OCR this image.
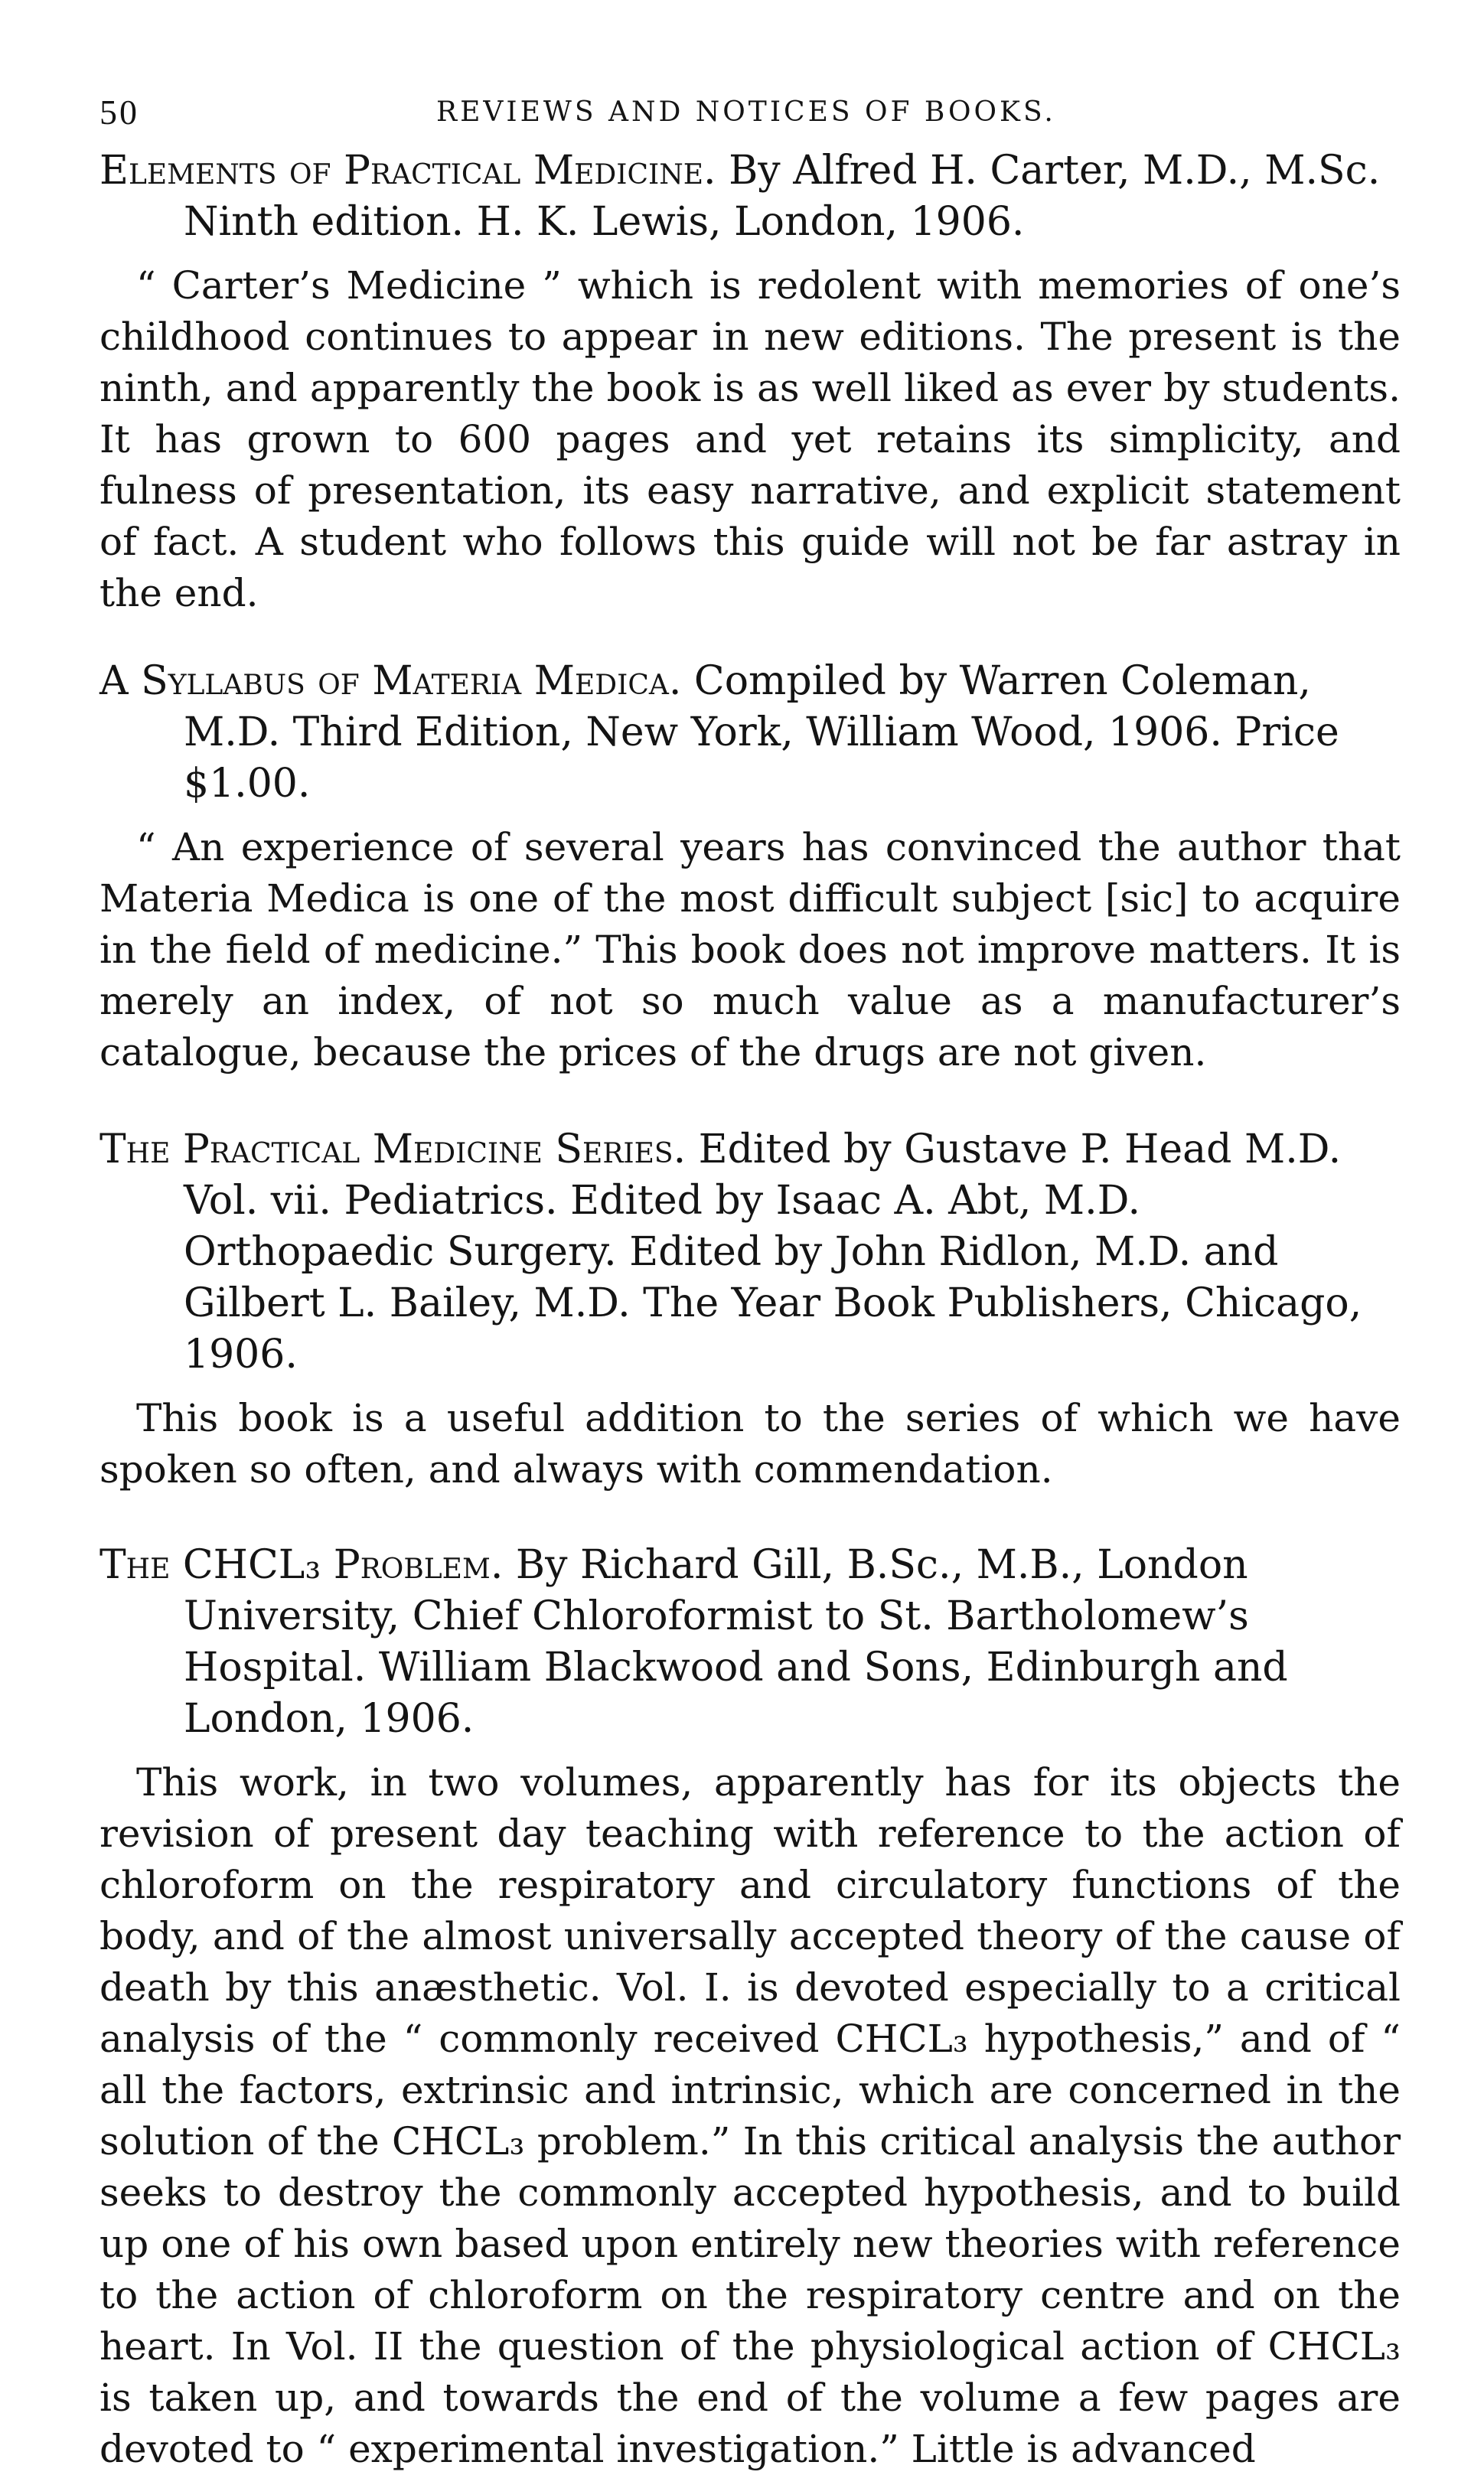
50	REVIEWS AND NOTICES OF BOOKS.

Elements of Practical Medicine. By Alfred H. Carter, M.D., M.Sc. Ninth edition. H. K. Lewis, London, 1906.

“ Carter’s Medicine ” which is redolent with memories of one’s childhood continues to appear in new editions. The present is the ninth, and apparently the book is as well liked as ever by students. It has grown to 600 pages and yet retains its simplicity, and fulness of presentation, its easy narrative, and explicit statement of fact. A student who follows this guide will not be far astray in the end.

A Syllabus of Materia Medica. Compiled by Warren Coleman, M.D. Third Edition, New York, William Wood, 1906. Price $1.00.

“ An experience of several years has convinced the author that Materia Medica is one of the most difficult subject [sic] to acquire in the field of medicine.” This book does not improve matters. It is merely an index, of not so much value as a manufacturer’s catalogue, because the prices of the drugs are not given.

The Practical Medicine Series. Edited by Gustave P. Head M.D. Vol. vii. Pediatrics. Edited by Isaac A. Abt, M.D. Orthopaedic Surgery. Edited by John Ridlon, M.D. and Gilbert L. Bailey, M.D. The Year Book Publishers, Chicago, 1906.

This book is a useful addition to the series of which we have spoken so often, and always with commendation.

The CHCL₃ Problem. By Richard Gill, B.Sc., M.B., London University, Chief Chloroformist to St. Bartholomew’s Hospital. William Blackwood and Sons, Edinburgh and London, 1906.

This work, in two volumes, apparently has for its objects the revision of present day teaching with reference to the action of chloroform on the respiratory and circulatory functions of the body, and of the almost universally accepted theory of the cause of death by this anæsthetic. Vol. I. is devoted especially to a critical analysis of the “ commonly received CHCL₃ hypothesis,” and of “ all the factors, extrinsic and intrinsic, which are concerned in the solution of the CHCL₃ problem.” In this critical analysis the author seeks to destroy the commonly accepted hypothesis, and to build up one of his own based upon entirely new theories with reference to the action of chloroform on the respiratory centre and on the heart. In Vol. II the question of the physiological action of CHCL₃ is taken up, and towards the end of the volume a few pages are devoted to “ experimental investigation.” Little is advanced
